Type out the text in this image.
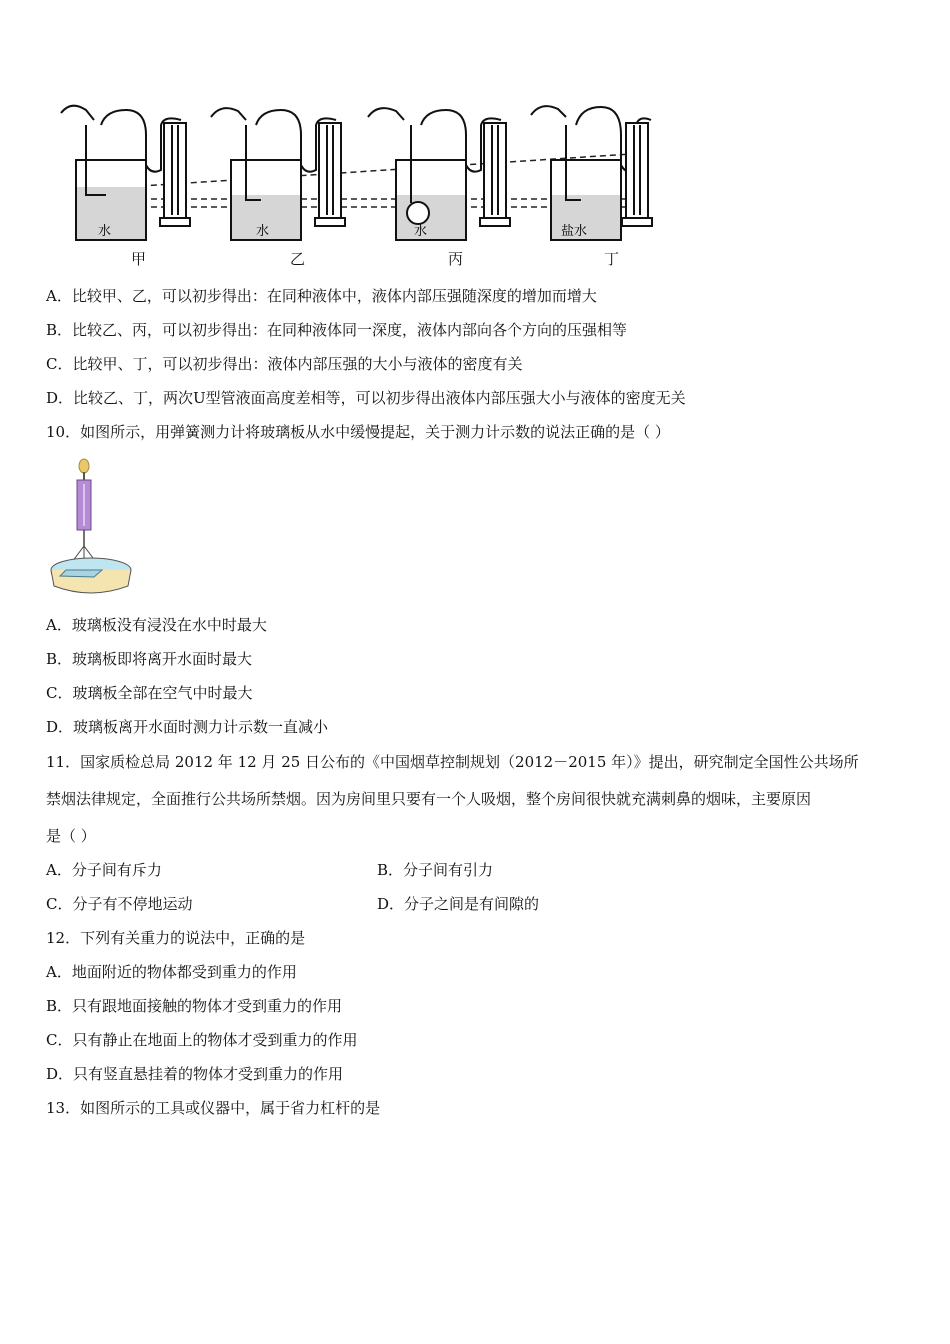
水	水	水	盐水
甲	乙	丙	丁
A．比较甲、乙，可以初步得出：在同种液体中，液体内部压强随深度的增加而增大
B．比较乙、丙，可以初步得出：在同种液体同一深度，液体内部向各个方向的压强相等
C．比较甲、丁，可以初步得出：液体内部压强的大小与液体的密度有关
D．比较乙、丁，两次U型管液面高度差相等，可以初步得出液体内部压强大小与液体的密度无关
10．如图所示，用弹簧测力计将玻璃板从水中缓慢提起，关于测力计示数的说法正确的是（ ）
A．玻璃板没有浸没在水中时最大
B．玻璃板即将离开水面时最大
C．玻璃板全部在空气中时最大
D．玻璃板离开水面时测力计示数一直减小
11．国家质检总局 2012 年 12 月 25 日公布的《中国烟草控制规划（2012－2015 年）》提出，研究制定全国性公共场所
禁烟法律规定，全面推行公共场所禁烟。因为房间里只要有一个人吸烟，整个房间很快就充满刺鼻的烟味，主要原因
是（ ）
A．分子间有斥力	B．分子间有引力
C．分子有不停地运动	D．分子之间是有间隙的
12．下列有关重力的说法中，正确的是
A．地面附近的物体都受到重力的作用
B．只有跟地面接触的物体才受到重力的作用
C．只有静止在地面上的物体才受到重力的作用
D．只有竖直悬挂着的物体才受到重力的作用
13．如图所示的工具或仪器中，属于省力杠杆的是
